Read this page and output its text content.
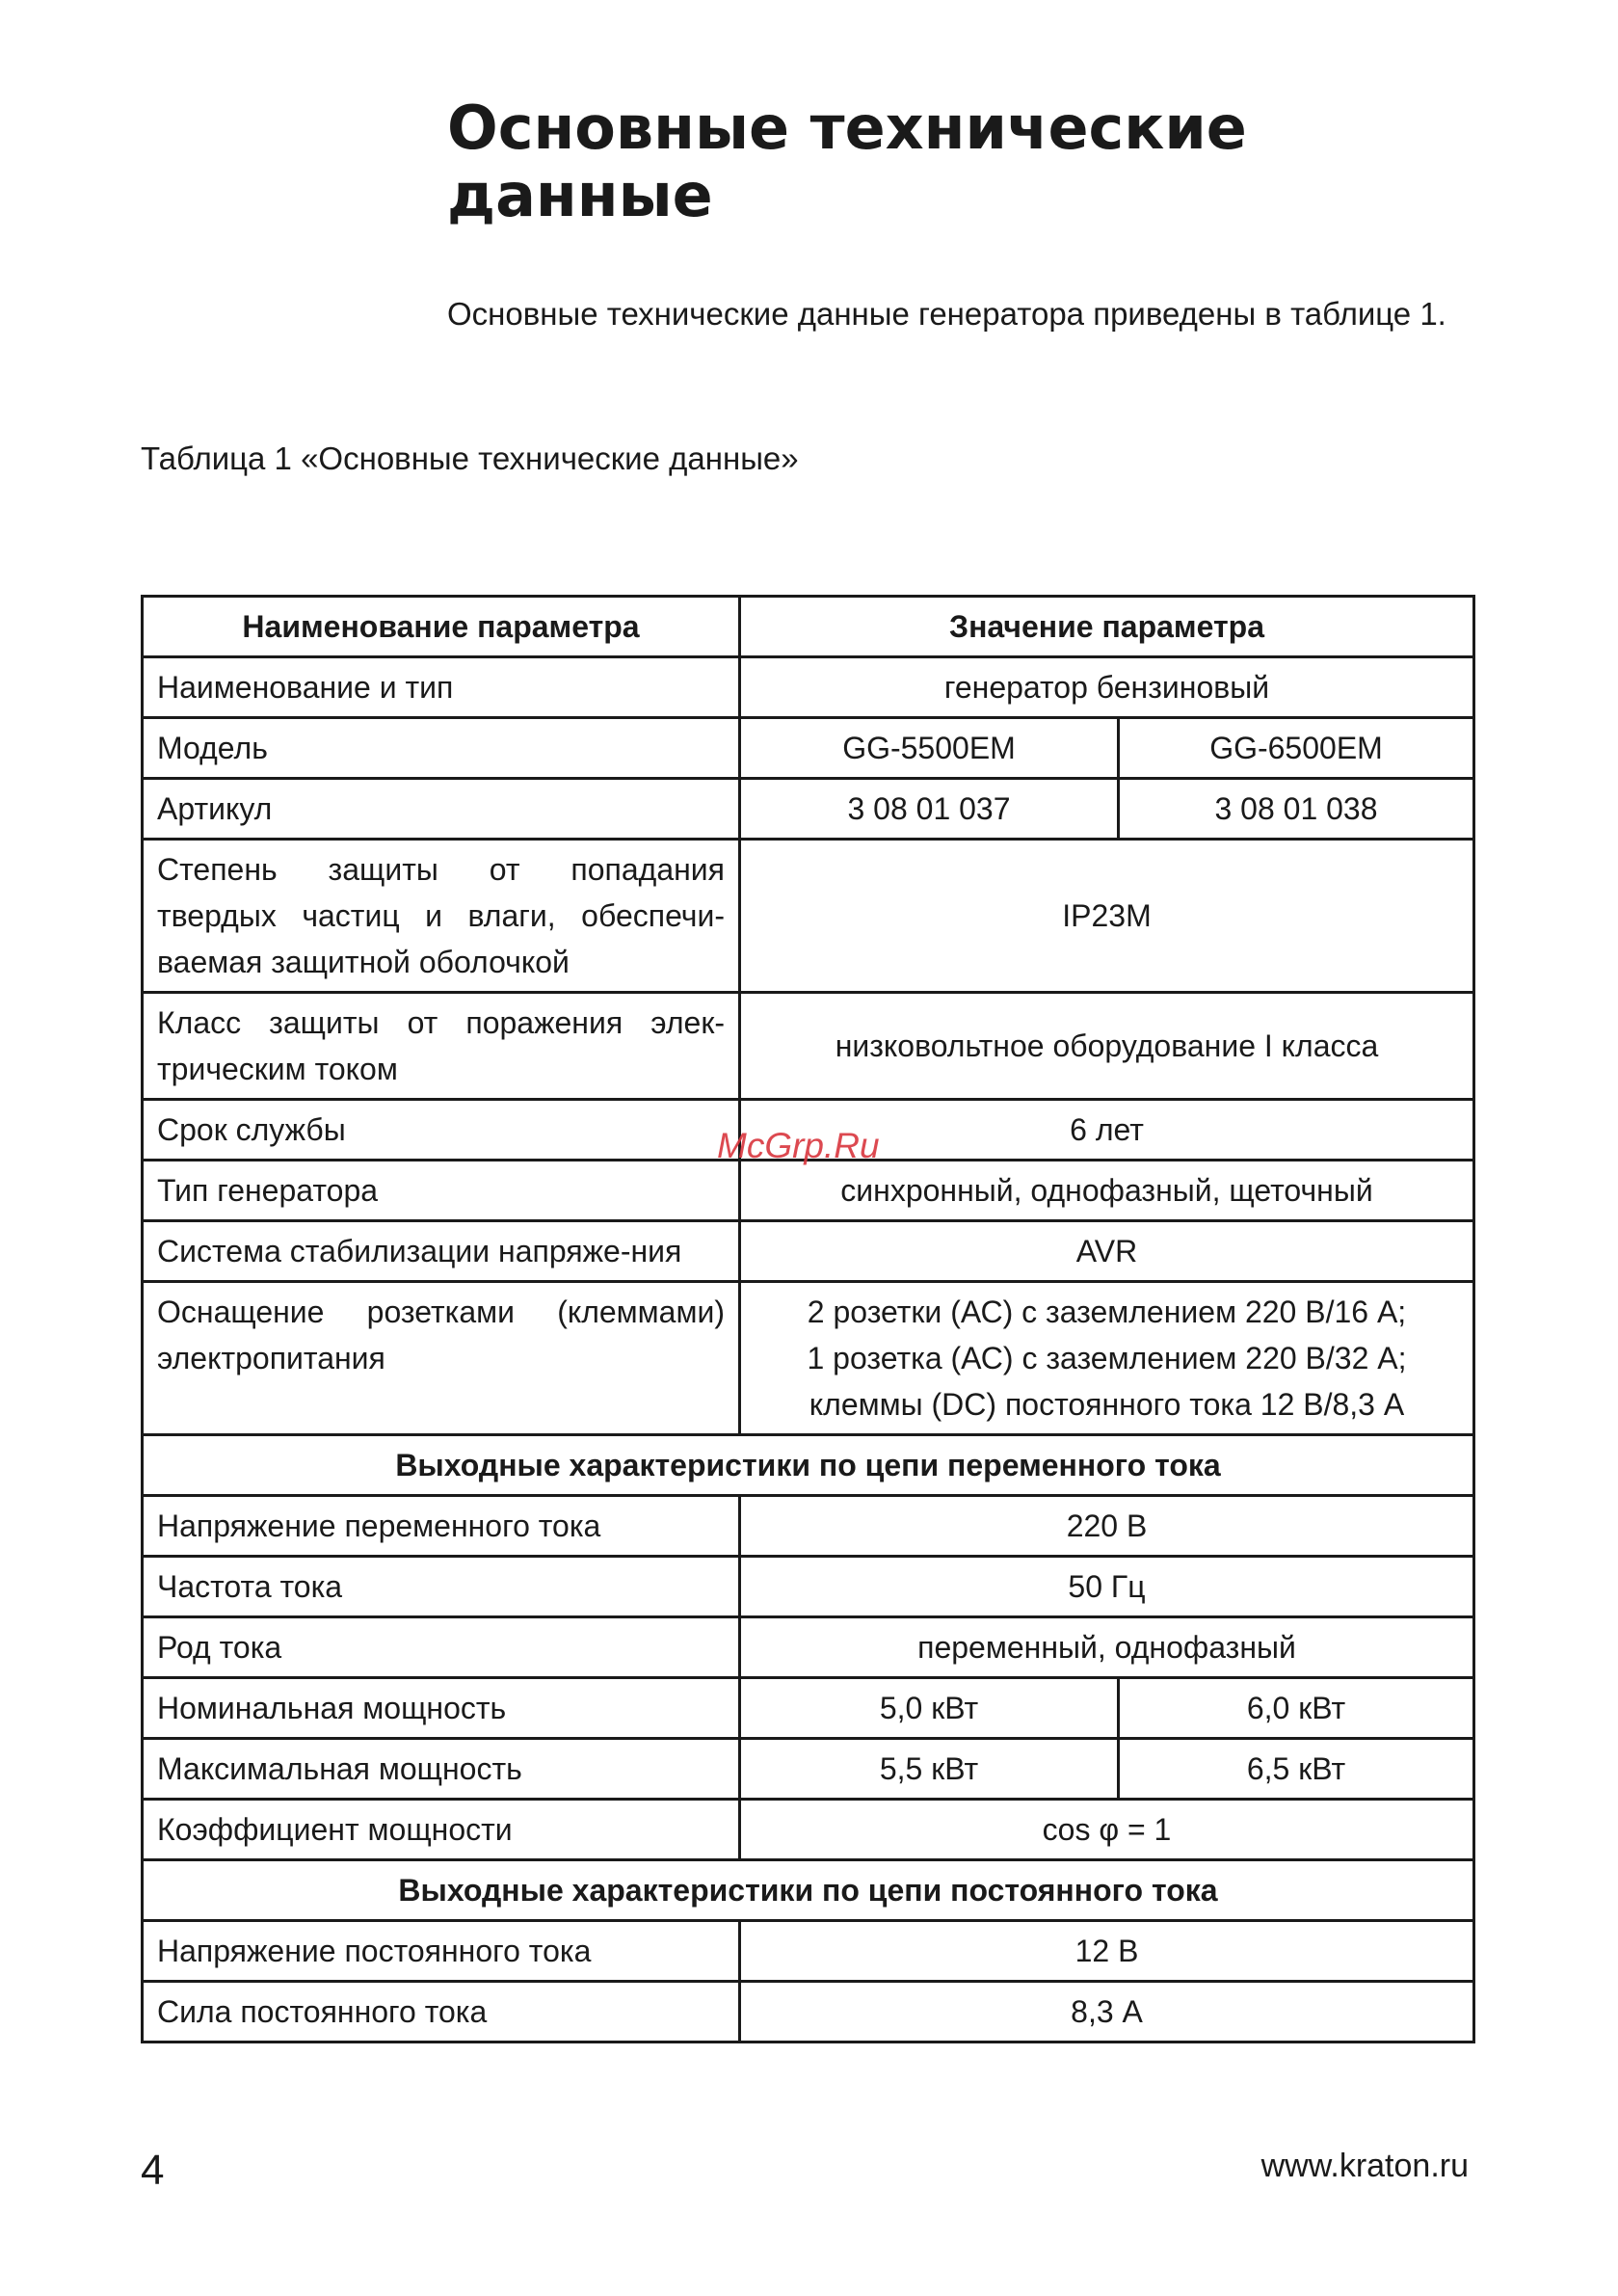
Основные технические
данные

Основные технические данные генератора приведены в таблице 1.

Таблица 1 «Основные технические данные»

Наименование параметра	Значение параметра	
Наименование и тип	генератор бензиновый	
Модель	GG-5500EM	GG-6500EM
Артикул	3 08 01 037	3 08 01 038
Степень защиты от попадания твердых частиц и влаги, обеспечи-ваемая защитной оболочкой	IP23M	
Класс защиты от поражения элек-трическим током	низковольтное оборудование I класса	
Срок службы	6 лет	
Тип генератора	синхронный, однофазный, щеточный	
Система стабилизации напряже-ния	AVR	
Оснащение розетками (клеммами) электропитания	2 розетки (АС) с заземлением 220 В/16 А;
1 розетка (АС) с заземлением 220 В/32 А;
клеммы (DC) постоянного тока 12 В/8,3 А	
Выходные характеристики по цепи переменного тока		
Напряжение переменного тока	220 В	
Частота тока	50 Гц	
Род тока	переменный, однофазный	
Номинальная мощность	5,0 кВт	6,0 кВт
Максимальная мощность	5,5 кВт	6,5 кВт
Коэффициент мощности	cos φ = 1	
Выходные характеристики по цепи постоянного тока		
Напряжение постоянного тока	12 В	
Сила постоянного тока	8,3 А	
McGrp.Ru
4	www.kraton.ru
